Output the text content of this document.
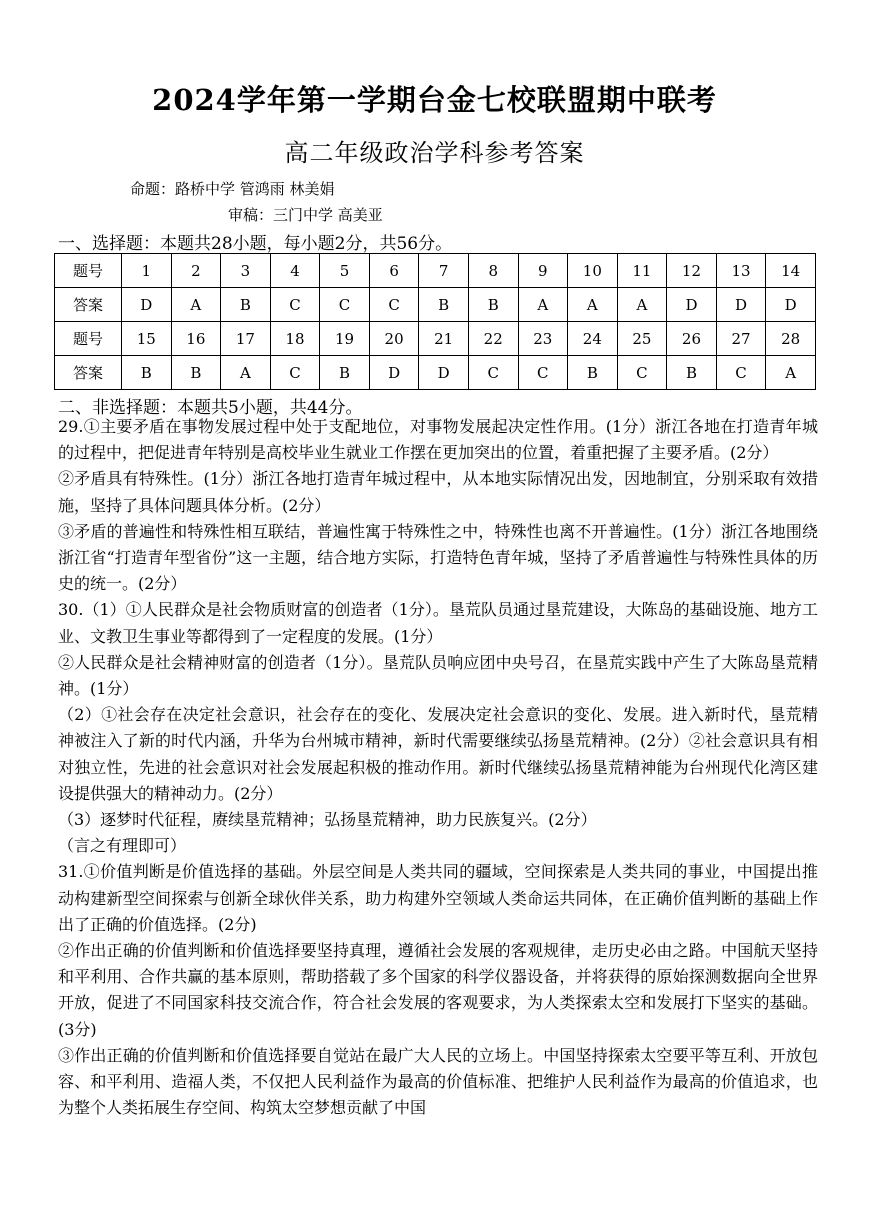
2024学年第一学期台金七校联盟期中联考
高二年级政治学科参考答案
命题：路桥中学 管鸿雨 林美娟
审稿：三门中学 高美亚
一、选择题：本题共28小题，每小题2分，共56分。
题号	1	2	3	4	5	6	7	8	9	10	11	12	13	14
答案	D	A	B	C	C	C	B	B	A	A	A	D	D	D
题号	15	16	17	18	19	20	21	22	23	24	25	26	27	28
答案	B	B	A	C	B	D	D	C	C	B	C	B	C	A
二、非选择题：本题共5小题，共44分。

29.①主要矛盾在事物发展过程中处于支配地位，对事物发展起决定性作用。(1分）浙江各地在打造青年城的过程中，把促进青年特别是高校毕业生就业工作摆在更加突出的位置，着重把握了主要矛盾。(2分）

②矛盾具有特殊性。(1分）浙江各地打造青年城过程中，从本地实际情况出发，因地制宜，分别采取有效措施，坚持了具体问题具体分析。(2分）

③矛盾的普遍性和特殊性相互联结，普遍性寓于特殊性之中，特殊性也离不开普遍性。(1分）浙江各地围绕浙江省“打造青年型省份”这一主题，结合地方实际，打造特色青年城，坚持了矛盾普遍性与特殊性具体的历史的统一。(2分）

30.（1）①人民群众是社会物质财富的创造者（1分）。垦荒队员通过垦荒建设，大陈岛的基础设施、地方工业、文教卫生事业等都得到了一定程度的发展。(1分）

②人民群众是社会精神财富的创造者（1分）。垦荒队员响应团中央号召，在垦荒实践中产生了大陈岛垦荒精神。(1分）

（2）①社会存在决定社会意识，社会存在的变化、发展决定社会意识的变化、发展。进入新时代，垦荒精神被注入了新的时代内涵，升华为台州城市精神，新时代需要继续弘扬垦荒精神。(2分）②社会意识具有相对独立性，先进的社会意识对社会发展起积极的推动作用。新时代继续弘扬垦荒精神能为台州现代化湾区建设提供强大的精神动力。(2分）

（3）逐梦时代征程，赓续垦荒精神；弘扬垦荒精神，助力民族复兴。(2分）

（言之有理即可）

31.①价值判断是价值选择的基础。外层空间是人类共同的疆域，空间探索是人类共同的事业，中国提出推动构建新型空间探索与创新全球伙伴关系，助力构建外空领域人类命运共同体，在正确价值判断的基础上作出了正确的价值选择。(2分)

②作出正确的价值判断和价值选择要坚持真理，遵循社会发展的客观规律，走历史必由之路。中国航天坚持和平利用、合作共赢的基本原则，帮助搭载了多个国家的科学仪器设备，并将获得的原始探测数据向全世界开放，促进了不同国家科技交流合作，符合社会发展的客观要求，为人类探索太空和发展打下坚实的基础。(3分)

③作出正确的价值判断和价值选择要自觉站在最广大人民的立场上。中国坚持探索太空要平等互利、开放包容、和平利用、造福人类，不仅把人民利益作为最高的价值标准、把维护人民利益作为最高的价值追求，也为整个人类拓展生存空间、构筑太空梦想贡献了中国
